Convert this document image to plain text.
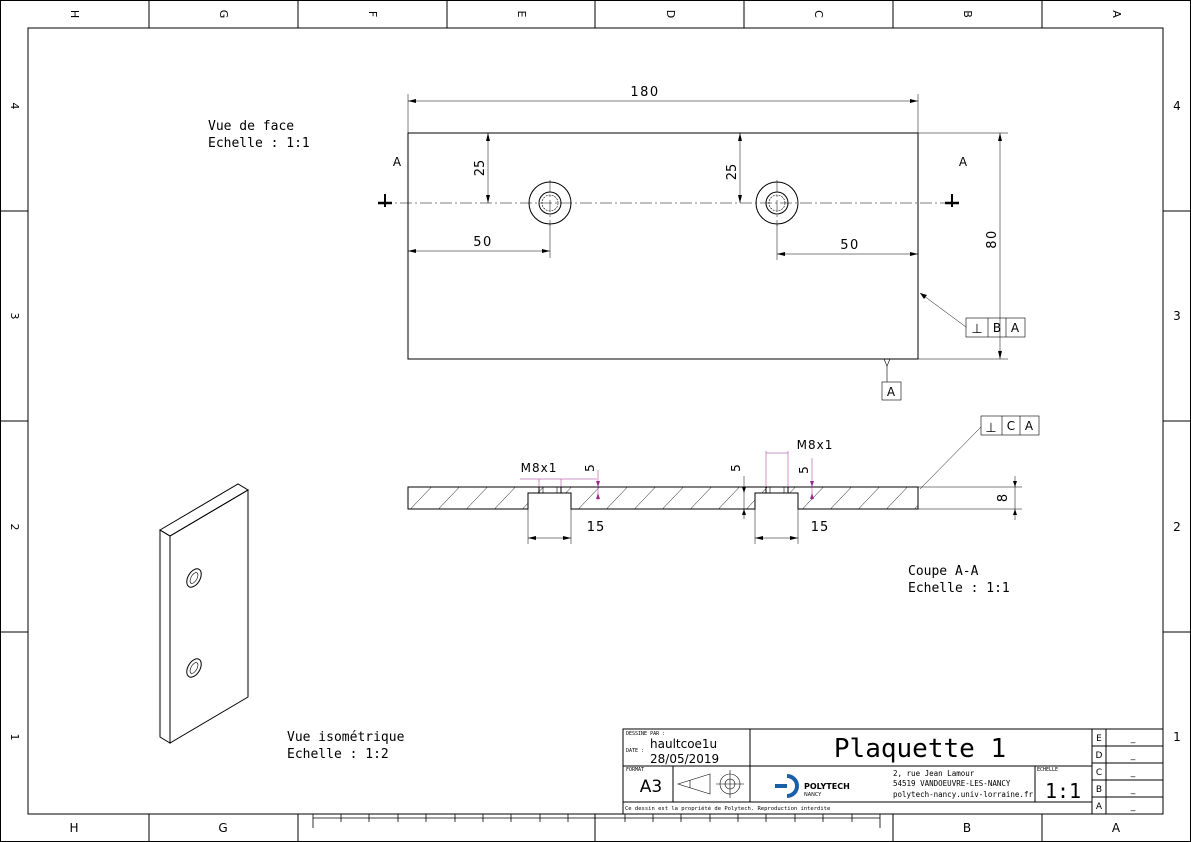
H	G	F	E	D	C	B	A
H	G	B	A
4
3
2
1
4
3
2
1
Vue de face
Echelle : 1:1
A	A
180
80
25	25
50	50
⊥ B A
A
M8x1 5
M8x1
5
5
15	15
8
⊥ C A
Coupe A-A
Echelle : 1:1
Vue isométrique
Echelle : 1:2
DESSINE PAR :
haultcoe1u
DATE :
28/05/2019
FORMAT
A3
Plaquette 1
POLYTECH
NANCY
2, rue Jean Lamour
54519 VANDOEUVRE-LES-NANCY
polytech-nancy.univ-lorraine.fr
ECHELLE
1:1
Ce dessin est la propriété de Polytech. Reproduction interdite
E	_
D	_
C	_
B	_
A	_
